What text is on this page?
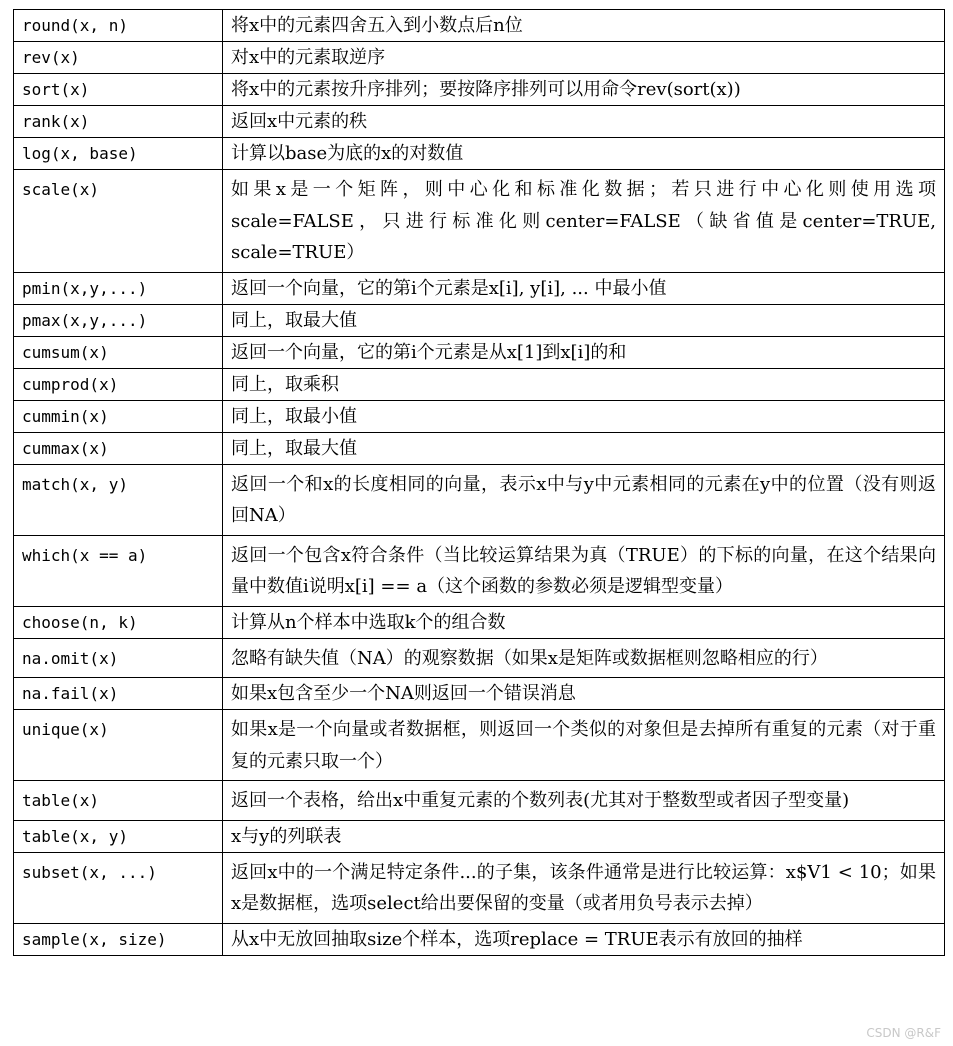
round(x, n)	将x中的元素四舍五入到小数点后n位
rev(x)	对x中的元素取逆序
sort(x)	将x中的元素按升序排列；要按降序排列可以用命令rev(sort(x))
rank(x)	返回x中元素的秩
log(x, base)	计算以base为底的x的对数值
scale(x)	如果x是一个矩阵，则中心化和标准化数据；若只进行中心化则使用选项scale=FALSE，只进行标准化则center=FALSE（缺省值是center=TRUE, scale=TRUE）
pmin(x,y,...)	返回一个向量，它的第i个元素是x[i], y[i], ... 中最小值
pmax(x,y,...)	同上，取最大值
cumsum(x)	返回一个向量，它的第i个元素是从x[1]到x[i]的和
cumprod(x)	同上，取乘积
cummin(x)	同上，取最小值
cummax(x)	同上，取最大值
match(x, y)	返回一个和x的长度相同的向量，表示x中与y中元素相同的元素在y中的位置（没有则返回NA）
which(x == a)	返回一个包含x符合条件（当比较运算结果为真（TRUE）的下标的向量，在这个结果向量中数值i说明x[i] == a（这个函数的参数必须是逻辑型变量）
choose(n, k)	计算从n个样本中选取k个的组合数
na.omit(x)	忽略有缺失值（NA）的观察数据（如果x是矩阵或数据框则忽略相应的行）
na.fail(x)	如果x包含至少一个NA则返回一个错误消息
unique(x)	如果x是一个向量或者数据框，则返回一个类似的对象但是去掉所有重复的元素（对于重复的元素只取一个）
table(x)	返回一个表格，给出x中重复元素的个数列表(尤其对于整数型或者因子型变量)
table(x, y)	x与y的列联表
subset(x, ...)	返回x中的一个满足特定条件...的子集，该条件通常是进行比较运算：x$V1 < 10；如果x是数据框，选项select给出要保留的变量（或者用负号表示去掉）
sample(x, size)	从x中无放回抽取size个样本，选项replace = TRUE表示有放回的抽样
CSDN @R&F
